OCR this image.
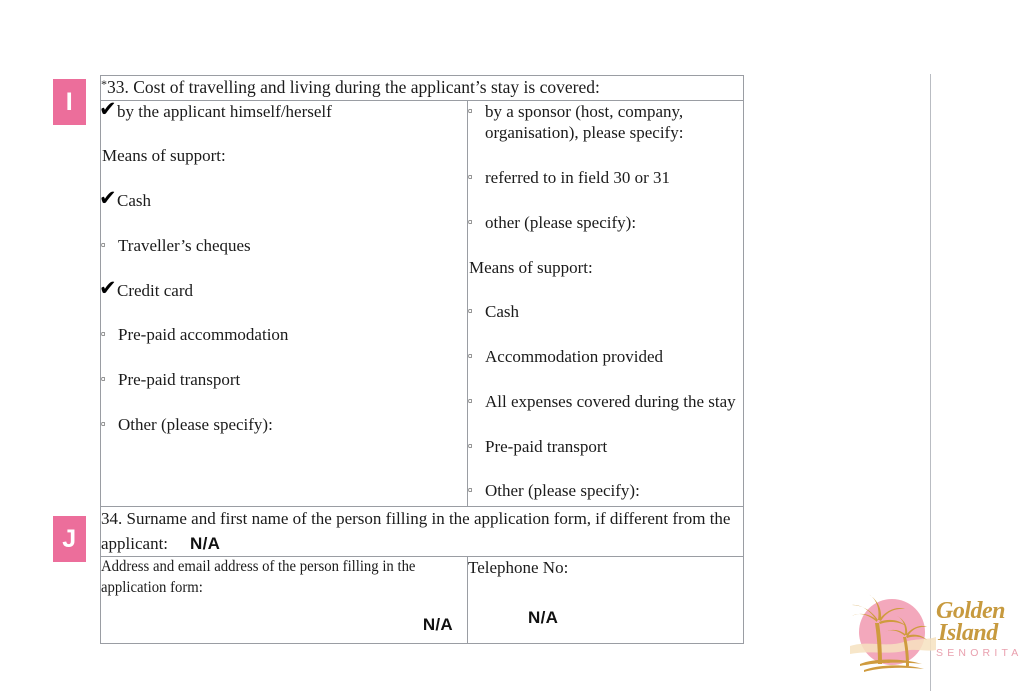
I
J
*33. Cost of travelling and living during the applicant’s stay is covered:	

✔ by the applicant himself/herself
Means of support:
✔ Cash
▫ Traveller’s cheques
✔ Credit card
▫ Pre-paid accommodation
▫ Pre-paid transport
▫ Other (please specify):

▫ by a sponsor (host, company, organisation), please specify:
▫ referred to in field 30 or 31
▫ other (please specify):
Means of support:
▫ Cash
▫ Accommodation provided
▫ All expenses covered during the stay
▫ Pre-paid transport
▫ Other (please specify):

34. Surname and first name of the person filling in the application form, if different from the applicant: N/A	

Address and email address of the person filling in the application form:

N/A

Telephone No:

N/A	Golden
Island
SENORITA
